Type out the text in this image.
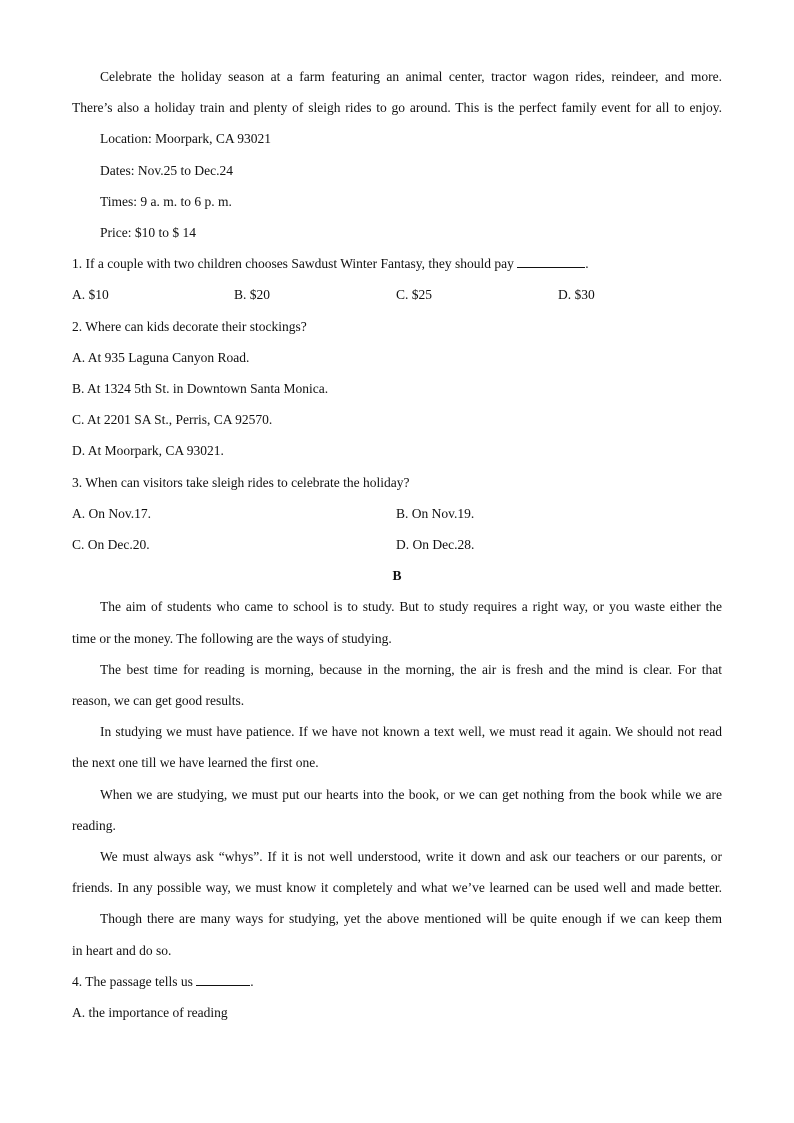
Celebrate the holiday season at a farm featuring an animal center, tractor wagon rides, reindeer, and more.
There’s also a holiday train and plenty of sleigh rides to go around. This is the perfect family event for all to enjoy.
Location: Moorpark, CA 93021
Dates: Nov.25 to Dec.24
Times: 9 a. m. to 6 p. m.
Price: $10 to $ 14
1. If a couple with two children chooses Sawdust Winter Fantasy, they should pay	.
A. $10	B. $20	C. $25	D. $30
2. Where can kids decorate their stockings?
A. At 935 Laguna Canyon Road.
B. At 1324 5th St. in Downtown Santa Monica.
C. At 2201 SA St., Perris, CA 92570.
D. At Moorpark, CA 93021.
3. When can visitors take sleigh rides to celebrate the holiday?
A. On Nov.17.	B. On Nov.19.
C. On Dec.20.	D. On Dec.28.
B
The aim of students who came to school is to study. But to study requires a right way, or you waste either the
time or the money. The following are the ways of studying.
The best time for reading is morning, because in the morning, the air is fresh and the mind is clear. For that
reason, we can get good results.
In studying we must have patience. If we have not known a text well, we must read it again. We should not read
the next one till we have learned the first one.
When we are studying, we must put our hearts into the book, or we can get nothing from the book while we are
reading.
We must always ask “whys”. If it is not well understood, write it down and ask our teachers or our parents, or
friends. In any possible way, we must know it completely and what we’ve learned can be used well and made better.
Though there are many ways for studying, yet the above mentioned will be quite enough if we can keep them
in heart and do so.
4. The passage tells us	.
A. the importance of reading
